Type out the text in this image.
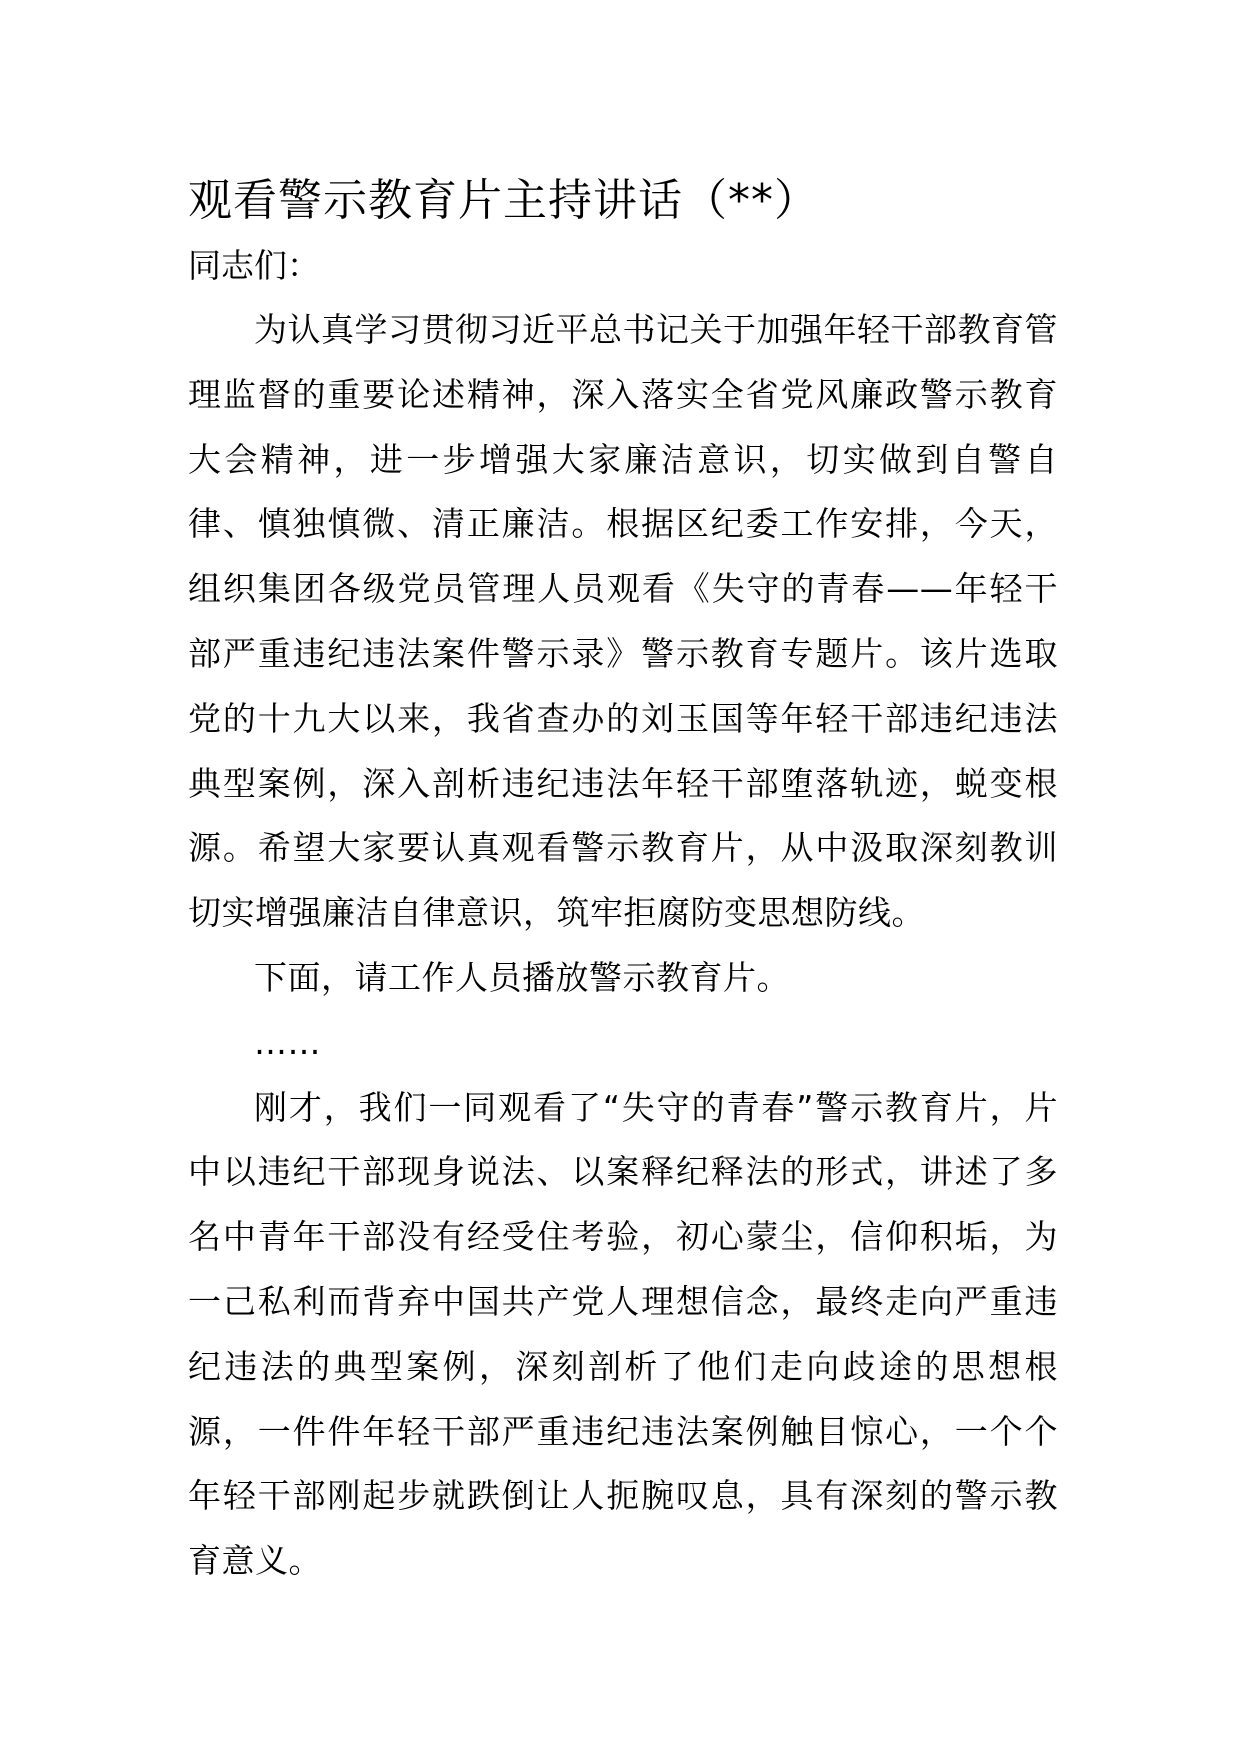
观看警示教育片主持讲话（**）

同志们：

为认真学习贯彻习近平总书记关于加强年轻干部教育管理监督的重要论述精神，深入落实全省党风廉政警示教育大会精神，进一步增强大家廉洁意识，切实做到自警自律、慎独慎微、清正廉洁。根据区纪委工作安排，今天，组织集团各级党员管理人员观看《失守的青春——年轻干部严重违纪违法案件警示录》警示教育专题片。该片选取党的十九大以来，我省查办的刘玉国等年轻干部违纪违法典型案例，深入剖析违纪违法年轻干部堕落轨迹，蜕变根源。希望大家要认真观看警示教育片，从中汲取深刻教训切实增强廉洁自律意识，筑牢拒腐防变思想防线。

下面，请工作人员播放警示教育片。

……

刚才，我们一同观看了“失守的青春”警示教育片，片中以违纪干部现身说法、以案释纪释法的形式，讲述了多名中青年干部没有经受住考验，初心蒙尘，信仰积垢，为一己私利而背弃中国共产党人理想信念，最终走向严重违纪违法的典型案例，深刻剖析了他们走向歧途的思想根源，一件件年轻干部严重违纪违法案例触目惊心，一个个年轻干部刚起步就跌倒让人扼腕叹息，具有深刻的警示教育意义。
